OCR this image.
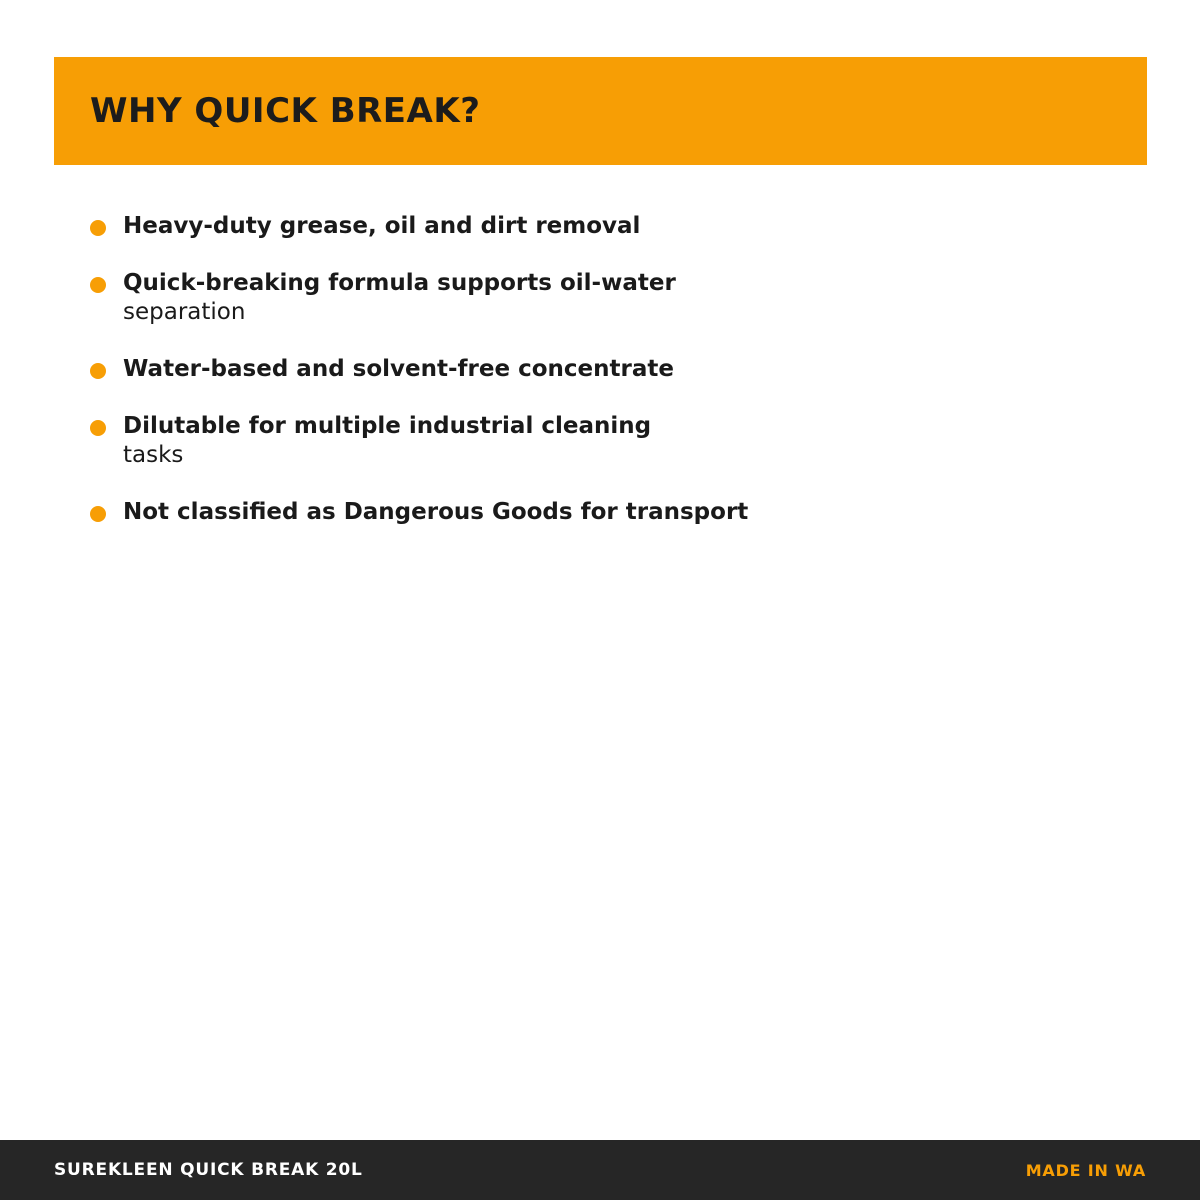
WHY QUICK BREAK?
Heavy-duty grease, oil and dirt removal
Quick-breaking formula supports oil-water
separation
Water-based and solvent-free concentrate
Dilutable for multiple industrial cleaning
tasks
Not classified as Dangerous Goods for transport
SUREKLEEN QUICK BREAK 20L	MADE IN WA
